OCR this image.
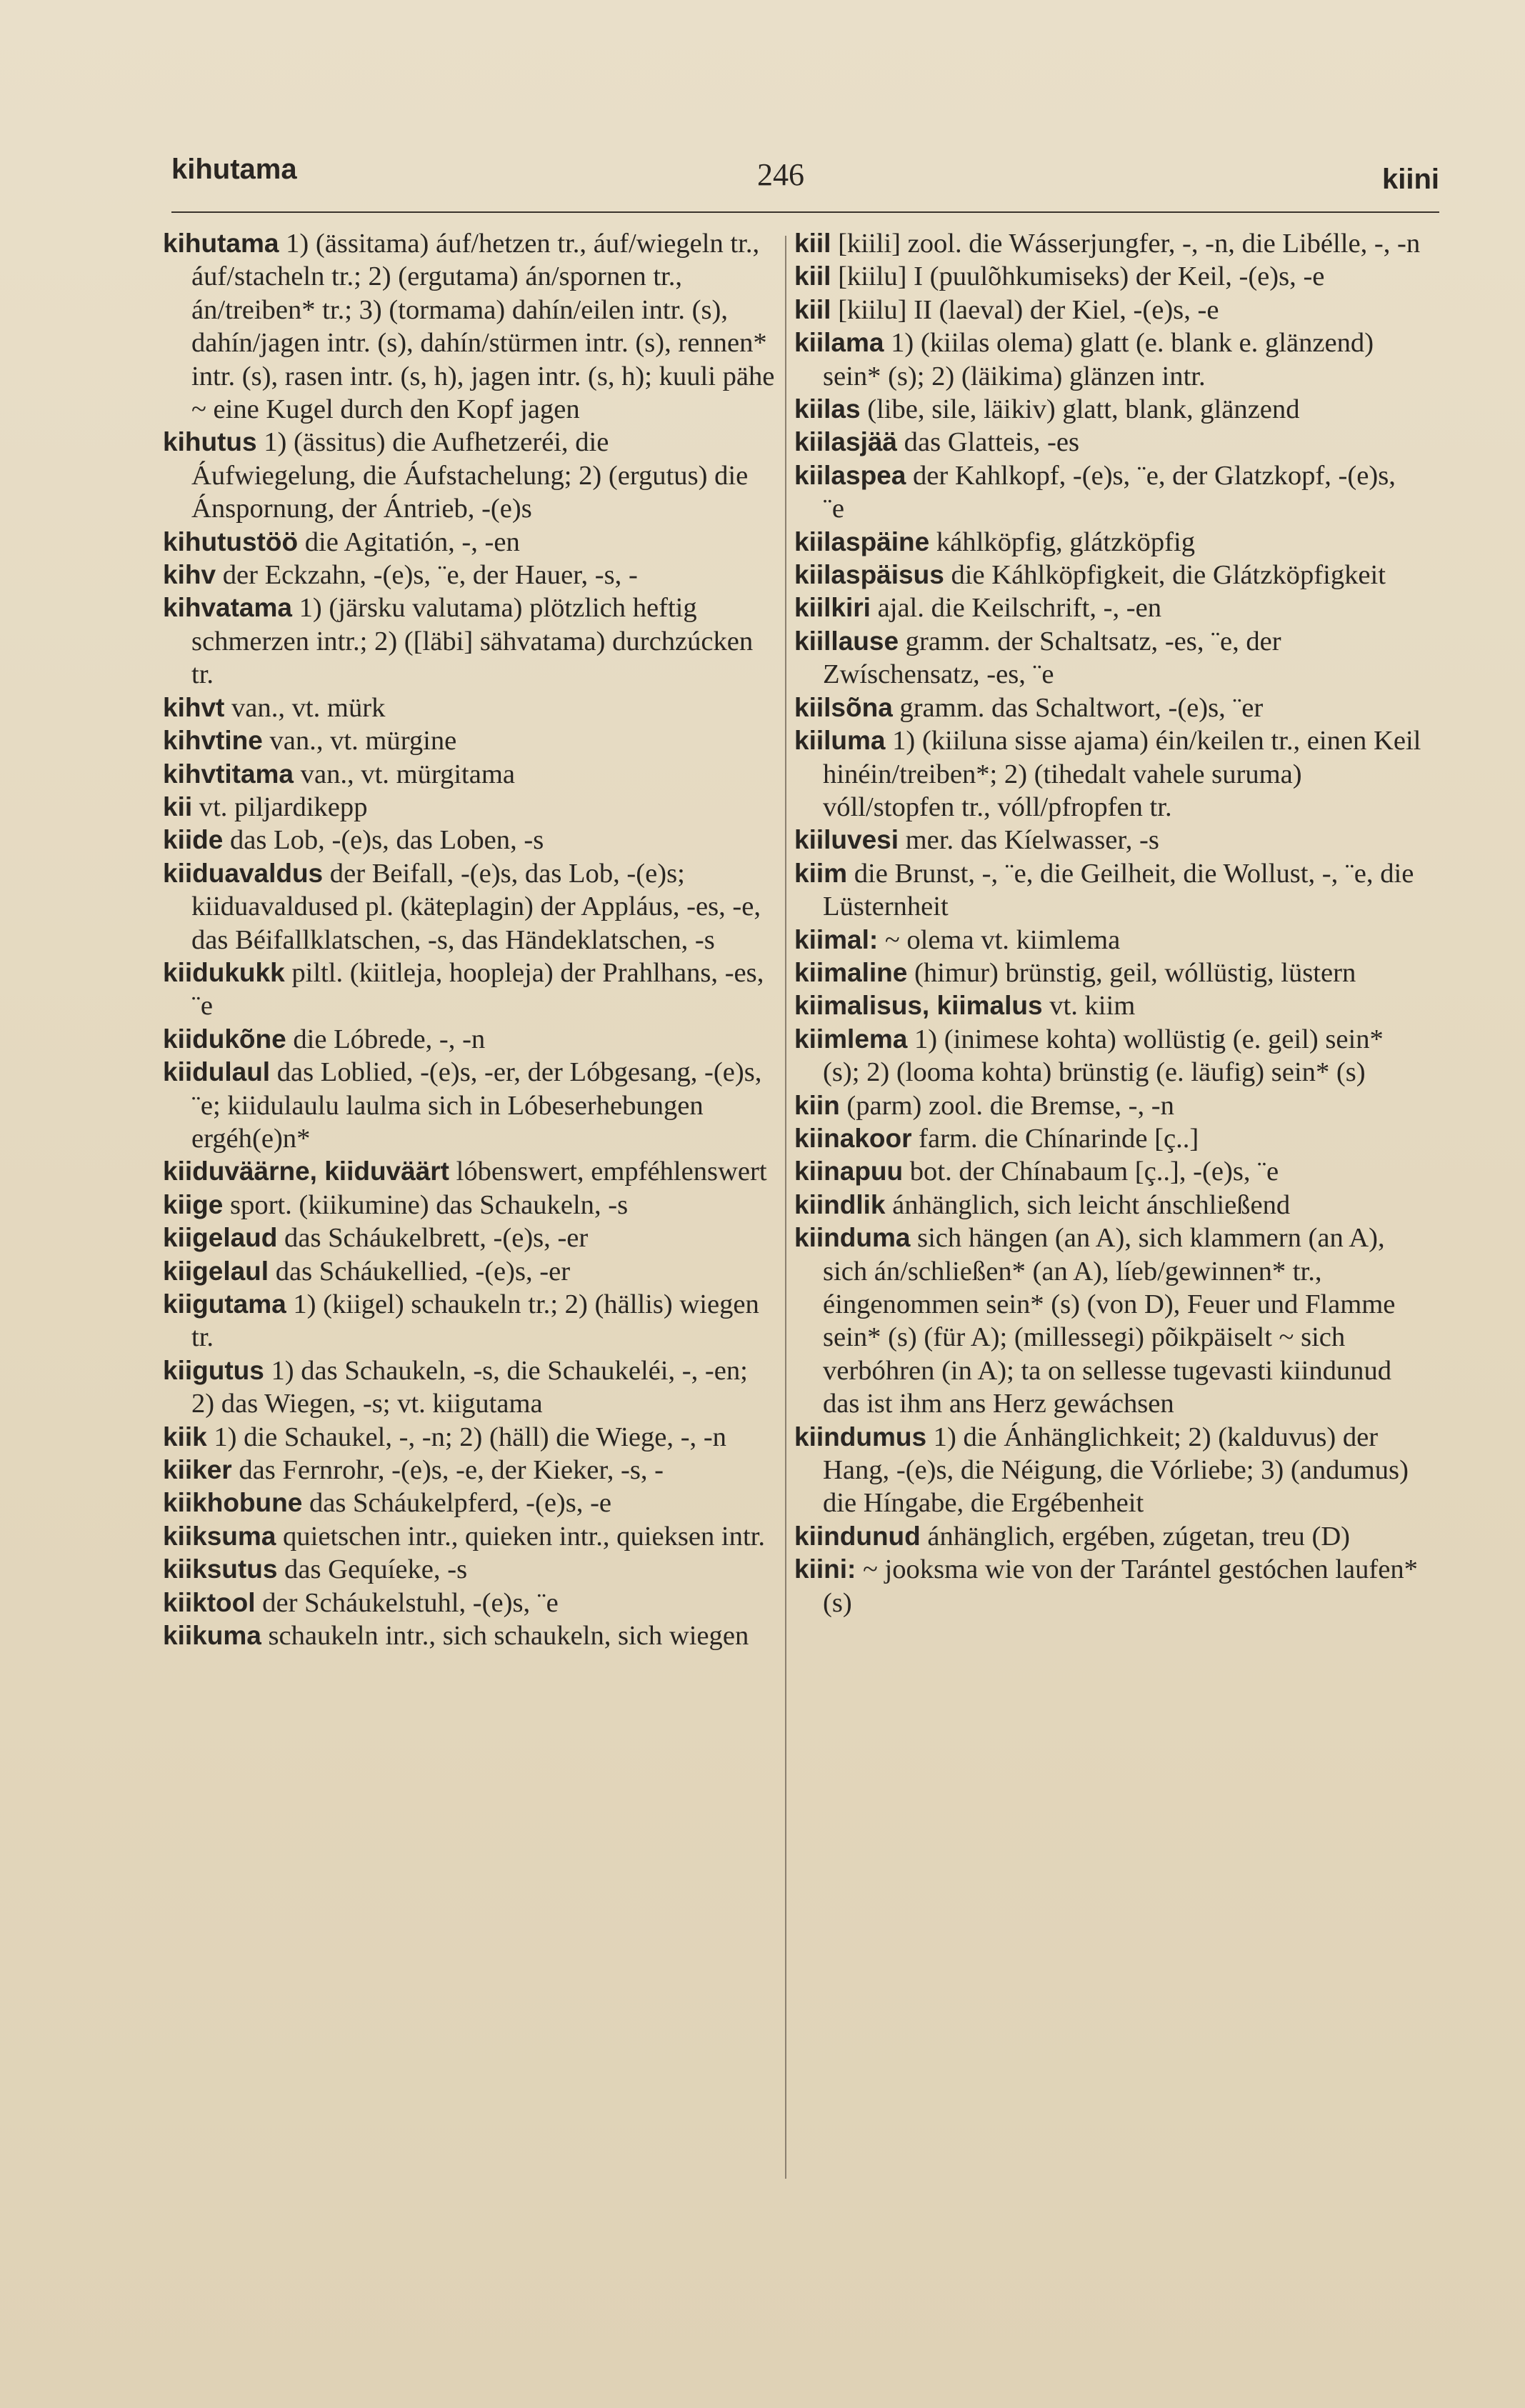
kihutama	246	kiini

kihutama 1) (ässitama) áuf/hetzen tr., áuf/wiegeln tr., áuf/stacheln tr.; 2) (ergutama) án/spornen tr., án/treiben* tr.; 3) (tormama) dahín/eilen intr. (s), dahín/jagen intr. (s), dahín/stürmen intr. (s), rennen* intr. (s), rasen intr. (s, h), jagen intr. (s, h); kuuli pähe ~ eine Kugel durch den Kopf jagen

kihutus 1) (ässitus) die Aufhetzeréi, die Áufwiegelung, die Áufstachelung; 2) (ergutus) die Ánspornung, der Ántrieb, -(e)s

kihutustöö die Agitatión, -, -en

kihv der Eckzahn, -(e)s, ¨e, der Hauer, -s, -

kihvatama 1) (järsku valutama) plötzlich heftig schmerzen intr.; 2) ([läbi] sähvatama) durchzúcken tr.

kihvt van., vt. mürk

kihvtine van., vt. mürgine

kihvtitama van., vt. mürgitama

kii vt. piljardikepp

kiide das Lob, -(e)s, das Loben, -s

kiiduavaldus der Beifall, -(e)s, das Lob, -(e)s; kiiduavaldused pl. (käteplagin) der Appláus, -es, -e, das Béifallklatschen, -s, das Händeklatschen, -s

kiidukukk piltl. (kiitleja, hoopleja) der Prahlhans, -es, ¨e

kiidukõne die Lóbrede, -, -n

kiidulaul das Loblied, -(e)s, -er, der Lóbgesang, -(e)s, ¨e; kiidulaulu laulma sich in Lóbeserhebungen ergéh(e)n*

kiiduväärne, kiiduväärt lóbenswert, empféhlenswert

kiige sport. (kiikumine) das Schaukeln, -s

kiigelaud das Scháukelbrett, -(e)s, -er

kiigelaul das Scháukellied, -(e)s, -er

kiigutama 1) (kiigel) schaukeln tr.; 2) (hällis) wiegen tr.

kiigutus 1) das Schaukeln, -s, die Schaukeléi, -, -en; 2) das Wiegen, -s; vt. kiigutama

kiik 1) die Schaukel, -, -n; 2) (häll) die Wiege, -, -n

kiiker das Fernrohr, -(e)s, -e, der Kieker, -s, -

kiikhobune das Scháukelpferd, -(e)s, -e

kiiksuma quietschen intr., quieken intr., quieksen intr.

kiiksutus das Gequíeke, -s

kiiktool der Scháukelstuhl, -(e)s, ¨e

kiikuma schaukeln intr., sich schaukeln, sich wiegen

kiil [kiili] zool. die Wásserjungfer, -, -n, die Libélle, -, -n

kiil [kiilu] I (puulõhkumiseks) der Keil, -(e)s, -e

kiil [kiilu] II (laeval) der Kiel, -(e)s, -e

kiilama 1) (kiilas olema) glatt (e. blank e. glänzend) sein* (s); 2) (läikima) glänzen intr.

kiilas (libe, sile, läikiv) glatt, blank, glänzend

kiilasjää das Glatteis, -es

kiilaspea der Kahlkopf, -(e)s, ¨e, der Glatzkopf, -(e)s, ¨e

kiilaspäine káhlköpfig, glátzköpfig

kiilaspäisus die Káhlköpfigkeit, die Glátzköpfigkeit

kiilkiri ajal. die Keilschrift, -, -en

kiillause gramm. der Schaltsatz, -es, ¨e, der Zwíschensatz, -es, ¨e

kiilsõna gramm. das Schaltwort, -(e)s, ¨er

kiiluma 1) (kiiluna sisse ajama) éin/keilen tr., einen Keil hinéin/treiben*; 2) (tihedalt vahele suruma) vóll/stopfen tr., vóll/pfropfen tr.

kiiluvesi mer. das Kíelwasser, -s

kiim die Brunst, -, ¨e, die Geilheit, die Wollust, -, ¨e, die Lüsternheit

kiimal: ~ olema vt. kiimlema

kiimaline (himur) brünstig, geil, wóllüstig, lüstern

kiimalisus, kiimalus vt. kiim

kiimlema 1) (inimese kohta) wollüstig (e. geil) sein* (s); 2) (looma kohta) brünstig (e. läufig) sein* (s)

kiin (parm) zool. die Bremse, -, -n

kiinakoor farm. die Chínarinde [ç..]

kiinapuu bot. der Chínabaum [ç..], -(e)s, ¨e

kiindlik ánhänglich, sich leicht ánschließend

kiinduma sich hängen (an A), sich klammern (an A), sich án/schließen* (an A), líeb/gewinnen* tr., éingenommen sein* (s) (von D), Feuer und Flamme sein* (s) (für A); (millessegi) põikpäiselt ~ sich verbóhren (in A); ta on sellesse tugevasti kiindunud das ist ihm ans Herz gewáchsen

kiindumus 1) die Ánhänglichkeit; 2) (kalduvus) der Hang, -(e)s, die Néigung, die Vórliebe; 3) (andumus) die Híngabe, die Ergébenheit

kiindunud ánhänglich, ergében, zúgetan, treu (D)

kiini: ~ jooksma wie von der Tarántel gestóchen laufen* (s)
